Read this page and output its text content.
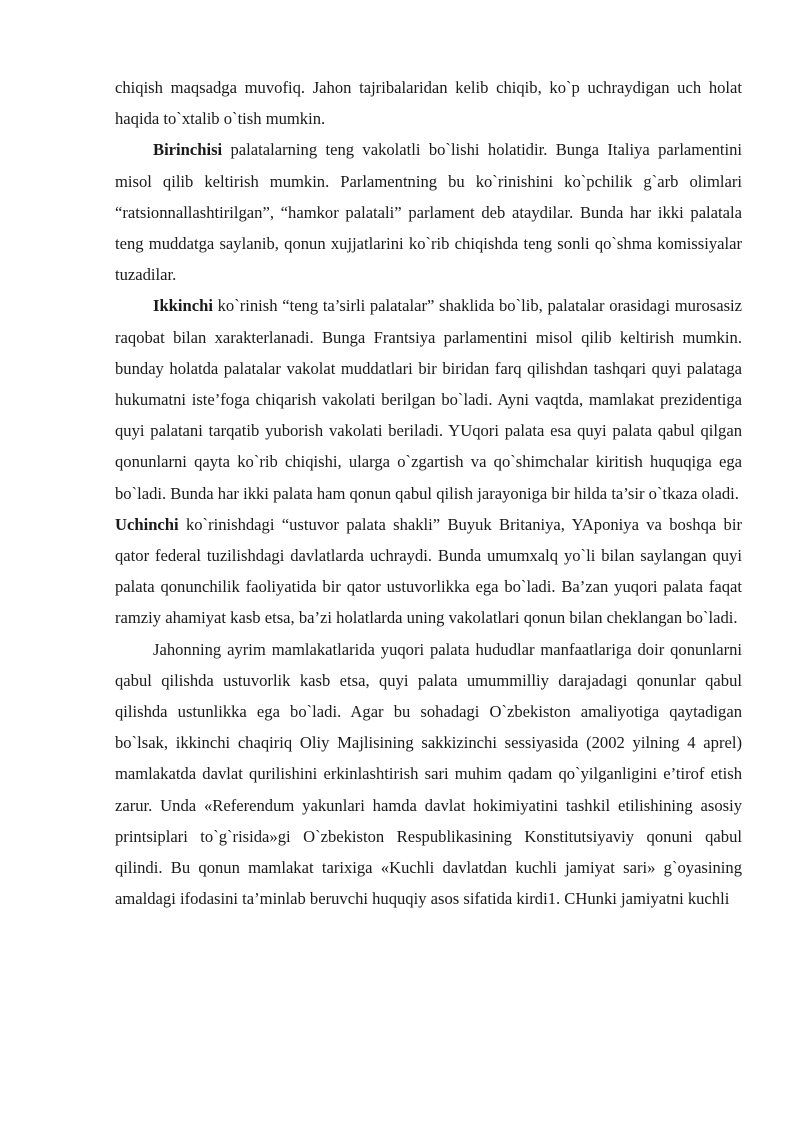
chiqish maqsadga muvofiq. Jahon tajribalaridan kelib chiqib, ko`p uchraydigan uch holat haqida to`xtalib o`tish mumkin.

Birinchisi palatalarning teng vakolatli bo`lishi holatidir. Bunga Italiya parlamentini misol qilib keltirish mumkin. Parlamentning bu ko`rinishini ko`pchilik g`arb olimlari “ratsionnallashtirilgan”, “hamkor palatali” parlament deb ataydilar. Bunda har ikki palatala teng muddatga saylanib, qonun xujjatlarini ko`rib chiqishda teng sonli qo`shma komissiyalar tuzadilar.

Ikkinchi ko`rinish “teng ta’sirli palatalar” shaklida bo`lib, palatalar orasidagi murosasiz raqobat bilan xarakterlanadi. Bunga Frantsiya parlamentini misol qilib keltirish mumkin. bunday holatda palatalar vakolat muddatlari bir biridan farq qilishdan tashqari quyi palataga hukumatni iste’foga chiqarish vakolati berilgan bo`ladi. Ayni vaqtda, mamlakat prezidentiga quyi palatani tarqatib yuborish vakolati beriladi. YUqori palata esa quyi palata qabul qilgan qonunlarni qayta ko`rib chiqishi, ularga o`zgartish va qo`shimchalar kiritish huquqiga ega bo`ladi. Bunda har ikki palata ham qonun qabul qilish jarayoniga bir hilda ta’sir o`tkaza oladi.

Uchinchi ko`rinishdagi “ustuvor palata shakli” Buyuk Britaniya, YAponiya va boshqa bir qator federal tuzilishdagi davlatlarda uchraydi. Bunda umumxalq yo`li bilan saylangan quyi palata qonunchilik faoliyatida bir qator ustuvorlikka ega bo`ladi. Ba’zan yuqori palata faqat ramziy ahamiyat kasb etsa, ba’zi holatlarda uning vakolatlari qonun bilan cheklangan bo`ladi.

Jahonning ayrim mamlakatlarida yuqori palata hududlar manfaatlariga doir qonunlarni qabul qilishda ustuvorlik kasb etsa, quyi palata umummilliy darajadagi qonunlar qabul qilishda ustunlikka ega bo`ladi. Agar bu sohadagi O`zbekiston amaliyotiga qaytadigan bo`lsak, ikkinchi chaqiriq Oliy Majlisining sakkizinchi sessiyasida (2002 yilning 4 aprel) mamlakatda davlat qurilishini erkinlashtirish sari muhim qadam qo`yilganligini e’tirof etish zarur. Unda «Referendum yakunlari hamda davlat hokimiyatini tashkil etilishining asosiy printsiplari to`g`risida»gi O`zbekiston Respublikasining Konstitutsiyaviy qonuni qabul qilindi. Bu qonun mamlakat tarixiga «Kuchli davlatdan kuchli jamiyat sari» g`oyasining amaldagi ifodasini ta’minlab beruvchi huquqiy asos sifatida kirdi1. CHunki jamiyatni kuchli
